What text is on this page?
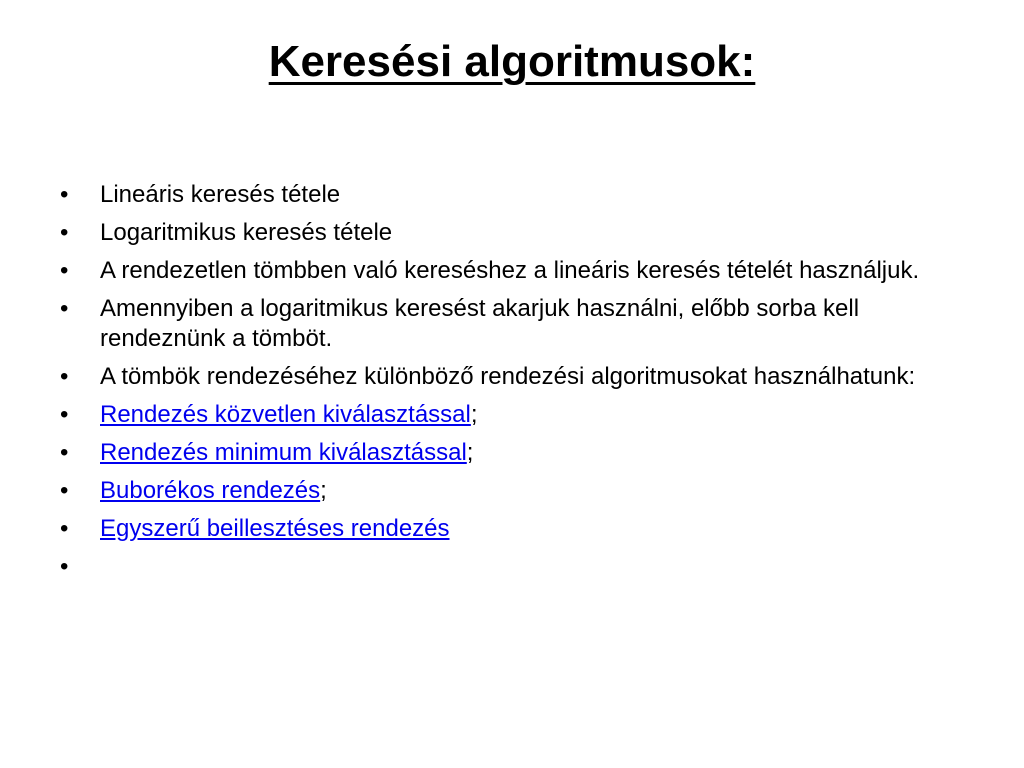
Keresési algoritmusok:
• Lineáris keresés tétele
• Logaritmikus keresés tétele
• A rendezetlen tömbben való kereséshez a lineáris keresés tételét használjuk.
• Amennyiben a logaritmikus keresést akarjuk használni, előbb sorba kell rendeznünk a tömböt.
• A tömbök rendezéséhez különböző rendezési algoritmusokat használhatunk:
• Rendezés közvetlen kiválasztással;
• Rendezés minimum kiválasztással;
• Buborékos rendezés;
• Egyszerű beillesztéses rendezés
•
